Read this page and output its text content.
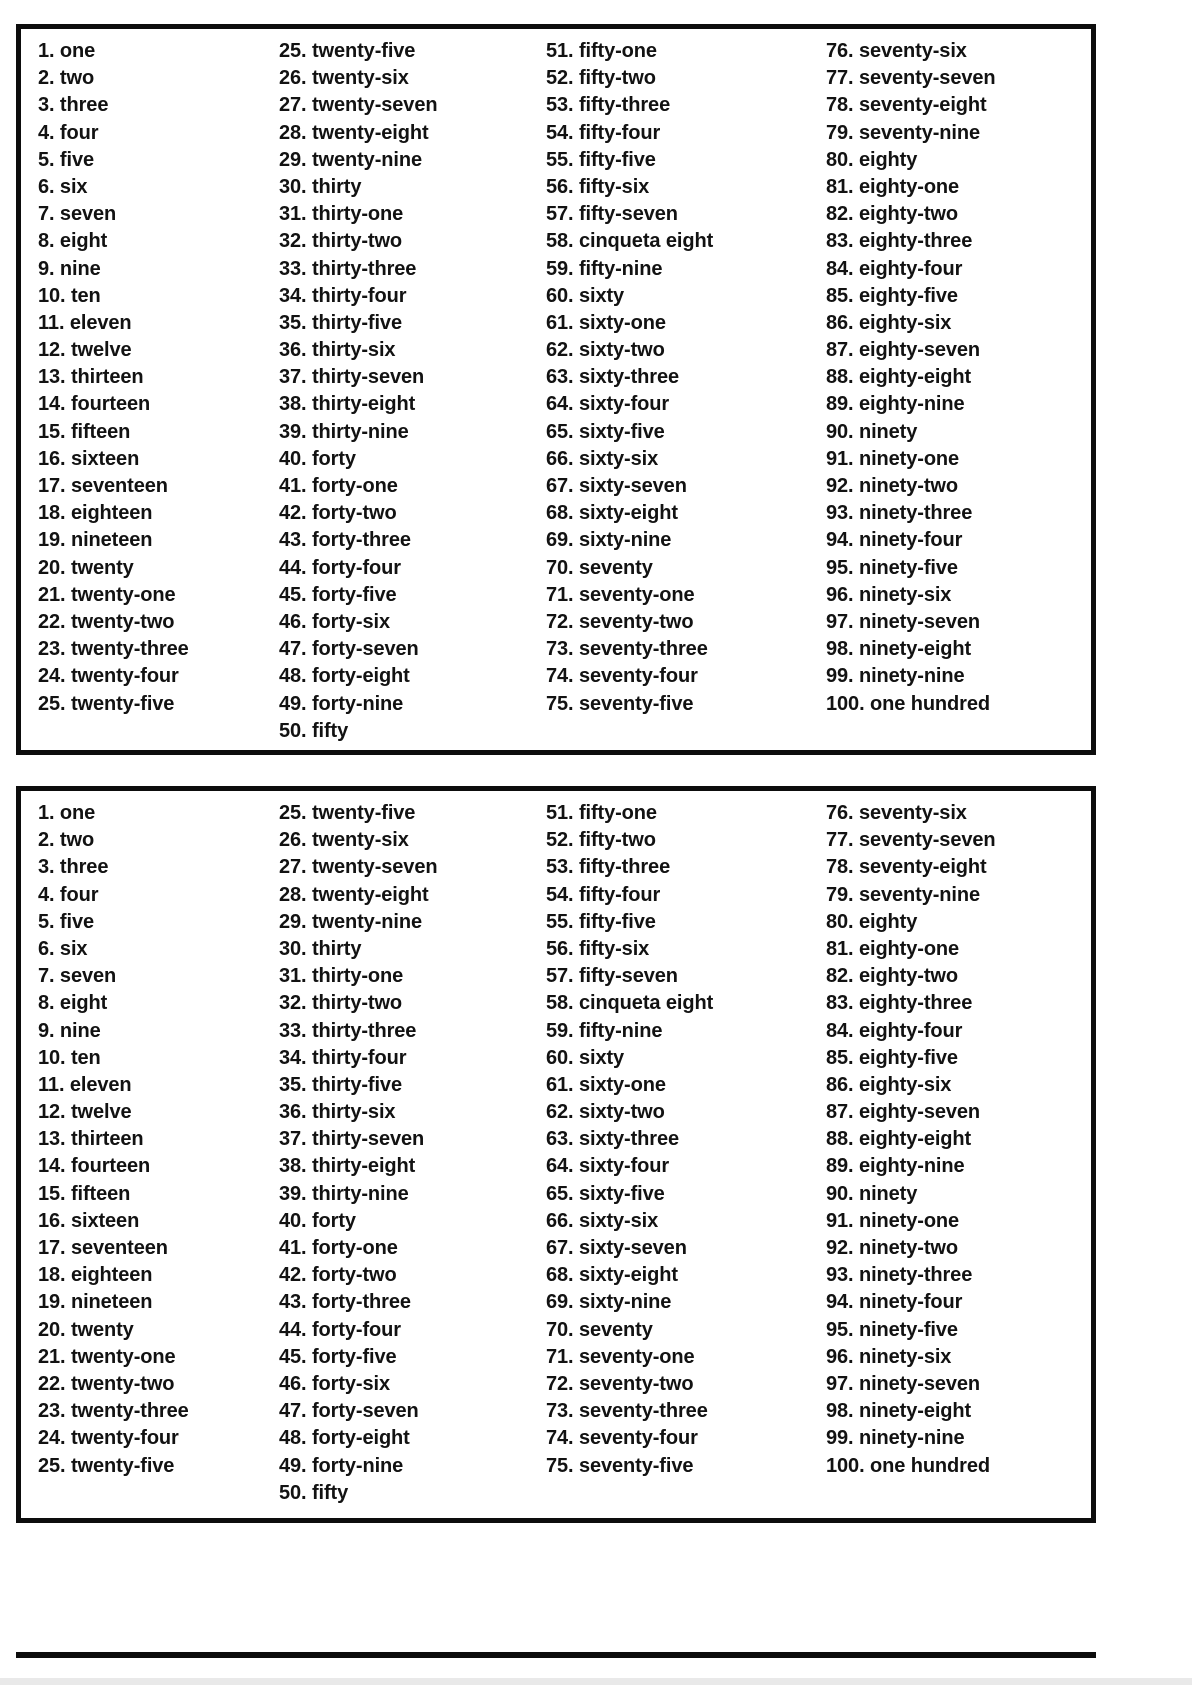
1. one
2. two
3. three
4. four
5. five
6. six
7. seven
8. eight
9. nine
10. ten
11. eleven
12. twelve
13. thirteen
14. fourteen
15. fifteen
16. sixteen
17. seventeen
18. eighteen
19. nineteen
20. twenty
21. twenty-one
22. twenty-two
23. twenty-three
24. twenty-four
25. twenty-five
25. twenty-five
26. twenty-six
27. twenty-seven
28. twenty-eight
29. twenty-nine
30. thirty
31. thirty-one
32. thirty-two
33. thirty-three
34. thirty-four
35. thirty-five
36. thirty-six
37. thirty-seven
38. thirty-eight
39. thirty-nine
40. forty
41. forty-one
42. forty-two
43. forty-three
44. forty-four
45. forty-five
46. forty-six
47. forty-seven
48. forty-eight
49. forty-nine
50. fifty
51. fifty-one
52. fifty-two
53. fifty-three
54. fifty-four
55. fifty-five
56. fifty-six
57. fifty-seven
58. cinqueta eight
59. fifty-nine
60. sixty
61. sixty-one
62. sixty-two
63. sixty-three
64. sixty-four
65. sixty-five
66. sixty-six
67. sixty-seven
68. sixty-eight
69. sixty-nine
70. seventy
71. seventy-one
72. seventy-two
73. seventy-three
74. seventy-four
75. seventy-five
76. seventy-six
77. seventy-seven
78. seventy-eight
79. seventy-nine
80. eighty
81. eighty-one
82. eighty-two
83. eighty-three
84. eighty-four
85. eighty-five
86. eighty-six
87. eighty-seven
88. eighty-eight
89. eighty-nine
90. ninety
91. ninety-one
92. ninety-two
93. ninety-three
94. ninety-four
95. ninety-five
96. ninety-six
97. ninety-seven
98. ninety-eight
99. ninety-nine
100. one hundred
1. one
2. two
3. three
4. four
5. five
6. six
7. seven
8. eight
9. nine
10. ten
11. eleven
12. twelve
13. thirteen
14. fourteen
15. fifteen
16. sixteen
17. seventeen
18. eighteen
19. nineteen
20. twenty
21. twenty-one
22. twenty-two
23. twenty-three
24. twenty-four
25. twenty-five
25. twenty-five
26. twenty-six
27. twenty-seven
28. twenty-eight
29. twenty-nine
30. thirty
31. thirty-one
32. thirty-two
33. thirty-three
34. thirty-four
35. thirty-five
36. thirty-six
37. thirty-seven
38. thirty-eight
39. thirty-nine
40. forty
41. forty-one
42. forty-two
43. forty-three
44. forty-four
45. forty-five
46. forty-six
47. forty-seven
48. forty-eight
49. forty-nine
50. fifty
51. fifty-one
52. fifty-two
53. fifty-three
54. fifty-four
55. fifty-five
56. fifty-six
57. fifty-seven
58. cinqueta eight
59. fifty-nine
60. sixty
61. sixty-one
62. sixty-two
63. sixty-three
64. sixty-four
65. sixty-five
66. sixty-six
67. sixty-seven
68. sixty-eight
69. sixty-nine
70. seventy
71. seventy-one
72. seventy-two
73. seventy-three
74. seventy-four
75. seventy-five
76. seventy-six
77. seventy-seven
78. seventy-eight
79. seventy-nine
80. eighty
81. eighty-one
82. eighty-two
83. eighty-three
84. eighty-four
85. eighty-five
86. eighty-six
87. eighty-seven
88. eighty-eight
89. eighty-nine
90. ninety
91. ninety-one
92. ninety-two
93. ninety-three
94. ninety-four
95. ninety-five
96. ninety-six
97. ninety-seven
98. ninety-eight
99. ninety-nine
100. one hundred
